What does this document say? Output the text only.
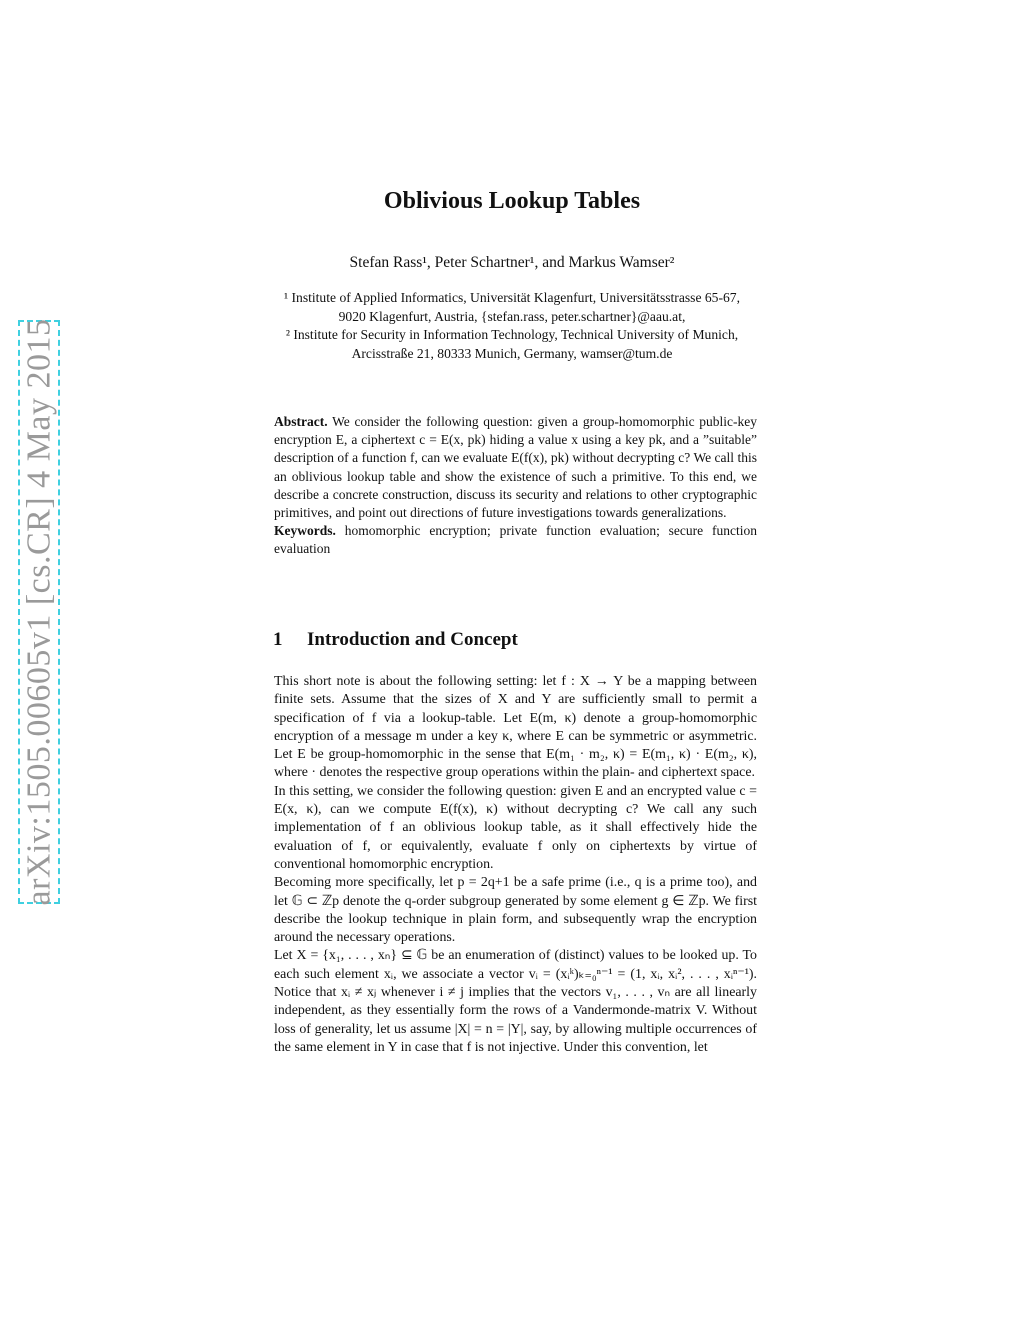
arXiv:1505.00605v1 [cs.CR] 4 May 2015
Oblivious Lookup Tables
Stefan Rass¹, Peter Schartner¹, and Markus Wamser²

¹ Institute of Applied Informatics, Universität Klagenfurt, Universitätsstrasse 65-67,

9020 Klagenfurt, Austria, {stefan.rass, peter.schartner}@aau.at,

² Institute for Security in Information Technology, Technical University of Munich,

Arcisstraße 21, 80333 Munich, Germany, wamser@tum.de

Abstract. We consider the following question: given a group-homomorphic public-key encryption E, a ciphertext c = E(x, pk) hiding a value x using a key pk, and a ”suitable” description of a function f, can we evaluate E(f(x), pk) without decrypting c? We call this an oblivious lookup table and show the existence of such a primitive. To this end, we describe a concrete construction, discuss its security and relations to other cryptographic primitives, and point out directions of future investigations towards generalizations.

Keywords. homomorphic encryption; private function evaluation; secure function evaluation

1 Introduction and Concept

This short note is about the following setting: let f : X → Y be a mapping between finite sets. Assume that the sizes of X and Y are sufficiently small to permit a specification of f via a lookup-table. Let E(m, κ) denote a group-homomorphic encryption of a message m under a key κ, where E can be symmetric or asymmetric. Let E be group-homomorphic in the sense that E(m₁ · m₂, κ) = E(m₁, κ) · E(m₂, κ), where · denotes the respective group operations within the plain- and ciphertext space.

In this setting, we consider the following question: given E and an encrypted value c = E(x, κ), can we compute E(f(x), κ) without decrypting c? We call any such implementation of f an oblivious lookup table, as it shall effectively hide the evaluation of f, or equivalently, evaluate f only on ciphertexts by virtue of conventional homomorphic encryption.

Becoming more specifically, let p = 2q+1 be a safe prime (i.e., q is a prime too), and let 𝔾 ⊂ ℤp denote the q-order subgroup generated by some element g ∈ ℤp. We first describe the lookup technique in plain form, and subsequently wrap the encryption around the necessary operations.

Let X = {x₁, . . . , xₙ} ⊆ 𝔾 be an enumeration of (distinct) values to be looked up. To each such element xᵢ, we associate a vector vᵢ = (xᵢᵏ)ₖ₌₀ⁿ⁻¹ = (1, xᵢ, xᵢ², . . . , xᵢⁿ⁻¹). Notice that xᵢ ≠ xⱼ whenever i ≠ j implies that the vectors v₁, . . . , vₙ are all linearly independent, as they essentially form the rows of a Vandermonde-matrix V. Without loss of generality, let us assume |X| = n = |Y|, say, by allowing multiple occurrences of the same element in Y in case that f is not injective. Under this convention, let
